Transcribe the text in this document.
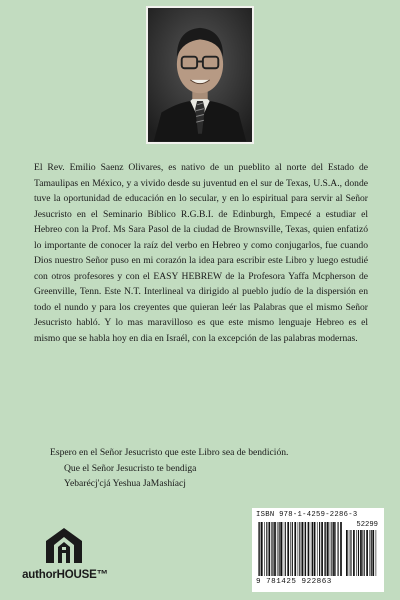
El Rev. Emilio Saenz Olivares, es nativo de un pueblito al norte del Estado de Tamaulipas en México, y a vivido desde su juventud en el sur de Texas, U.S.A., donde tuve la oportunidad de educación en lo secular, y en lo espiritual para servir al Señor Jesucristo en el Seminario Bíblico R.G.B.I. de Edinburgh, Empecé a estudiar el Hebreo con la Prof. Ms Sara Pasol de la ciudad de Brownsville, Texas, quien enfatizó lo importante de conocer la raíz del verbo en Hebreo y como conjugarlos, fue cuando Dios nuestro Señor puso en mi corazón la idea para escribir este Libro y luego estudié con otros profesores y con el EASY HEBREW de la Profesora Yaffa Mcpherson de Greenville, Tenn. Este N.T. Interlineal va dirigido al pueblo judío de la dispersión en todo el nundo y para los creyentes que quieran leér las Palabras que el mismo Señor Jesucristo habló. Y lo mas maravilloso es que este mismo lenguaje Hebreo es el mismo que se habla hoy en dia en Israél, con la excepción de las palabras modernas.

Espero en el Señor Jesucristo que este Libro sea de bendición.
Que el Señor Jesucristo te bendiga
Yebarécj'cjá Yeshua JaMashíacj
authorHOUSE™
ISBN 978-1-4259-2286-3
52299
9 781425 922863
